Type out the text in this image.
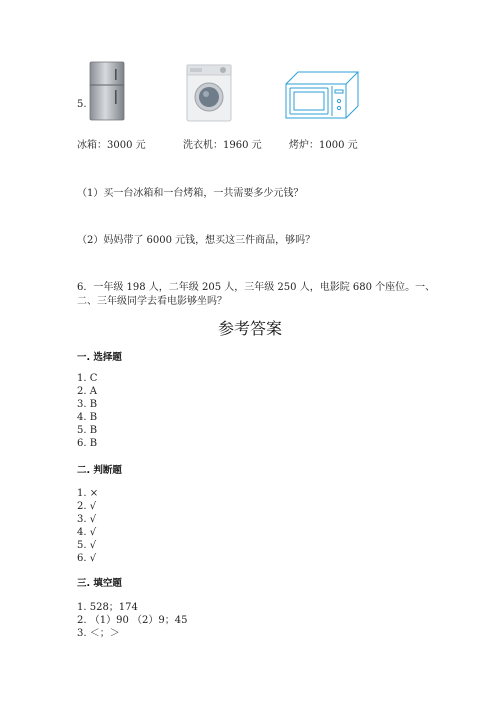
5.
冰箱：3000 元	洗衣机：1960 元	烤炉：1000 元
（1）买一台冰箱和一台烤箱，一共需要多少元钱？
（2）妈妈带了 6000 元钱，想买这三件商品，够吗？
6．一年级 198 人，二年级 205 人，三年级 250 人，电影院 680 个座位。一、
二、三年级同学去看电影够坐吗？
参考答案
一. 选择题
1. C
2. A
3. B
4. B
5. B
6. B
二. 判断题
1. ×
2. √
3. √
4. √
5. √
6. √
三. 填空题
1. 528；174
2. （1）90 （2）9；45
3. ＜；＞
